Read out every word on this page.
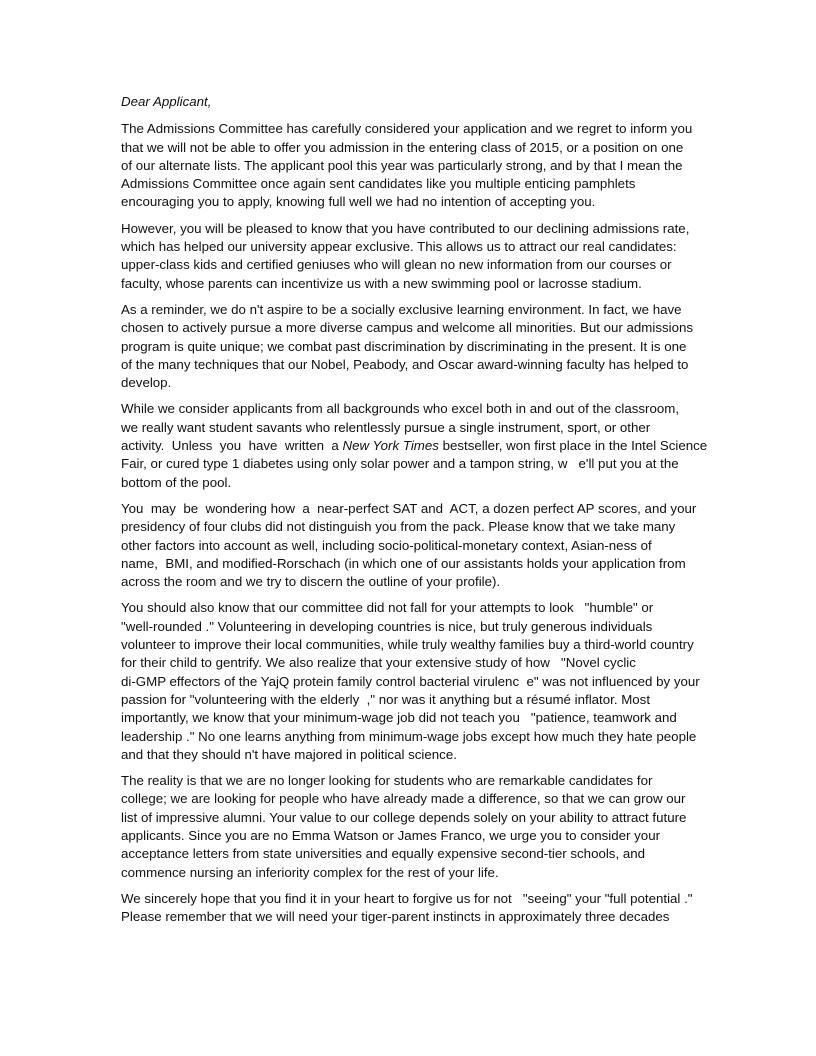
Dear Applicant,

The Admissions Committee has carefully considered your application and we regret to inform you
that we will not be able to offer you admission in the entering class of 2015, or a position on one
of our alternate lists. The applicant pool this year was particularly strong, and by that I mean the
Admissions Committee once again sent candidates like you multiple enticing pamphlets
encouraging you to apply, knowing full well we had no intention of accepting you.

However, you will be pleased to know that you have contributed to our declining admissions rate,
which has helped our university appear exclusive. This allows us to attract our real candidates:
upper-class kids and certified geniuses who will glean no new information from our courses or
faculty, whose parents can incentivize us with a new swimming pool or lacrosse stadium.

As a reminder, we do n't aspire to be a socially exclusive learning environment. In fact, we have
chosen to actively pursue a more diverse campus and welcome all minorities. But our admissions
program is quite unique; we combat past discrimination by discriminating in the present. It is one
of the many techniques that our Nobel, Peabody, and Oscar award-winning faculty has helped to
develop.

While we consider applicants from all backgrounds who excel both in and out of the classroom,
we really want student savants who relentlessly pursue a single instrument, sport, or other
activity.  Unless  you  have  written  a New York Times bestseller, won first place in the Intel Science
Fair, or cured type 1 diabetes using only solar power and a tampon string, w   e'll put you at the
bottom of the pool.

You  may  be  wondering how  a  near-perfect SAT and  ACT, a dozen perfect AP scores, and your
presidency of four clubs did not distinguish you from the pack. Please know that we take many
other factors into account as well, including socio-political-monetary context, Asian-ness of
name,  BMI, and modified-Rorschach (in which one of our assistants holds your application from
across the room and we try to discern the outline of your profile).

You should also know that our committee did not fall for your attempts to look   "humble" or
"well-rounded ." Volunteering in developing countries is nice, but truly generous individuals
volunteer to improve their local communities, while truly wealthy families buy a third-world country
for their child to gentrify. We also realize that your extensive study of how   "Novel cyclic
di-GMP effectors of the YajQ protein family control bacterial virulenc  e" was not influenced by your
passion for "volunteering with the elderly  ," nor was it anything but a résumé inflator. Most
importantly, we know that your minimum-wage job did not teach you   "patience, teamwork and
leadership ." No one learns anything from minimum-wage jobs except how much they hate people
and that they should n't have majored in political science.

The reality is that we are no longer looking for students who are remarkable candidates for
college; we are looking for people who have already made a difference, so that we can grow our
list of impressive alumni. Your value to our college depends solely on your ability to attract future
applicants. Since you are no Emma Watson or James Franco, we urge you to consider your
acceptance letters from state universities and equally expensive second-tier schools, and
commence nursing an inferiority complex for the rest of your life.

We sincerely hope that you find it in your heart to forgive us for not   "seeing" your "full potential ."
Please remember that we will need your tiger-parent instincts in approximately three decades
